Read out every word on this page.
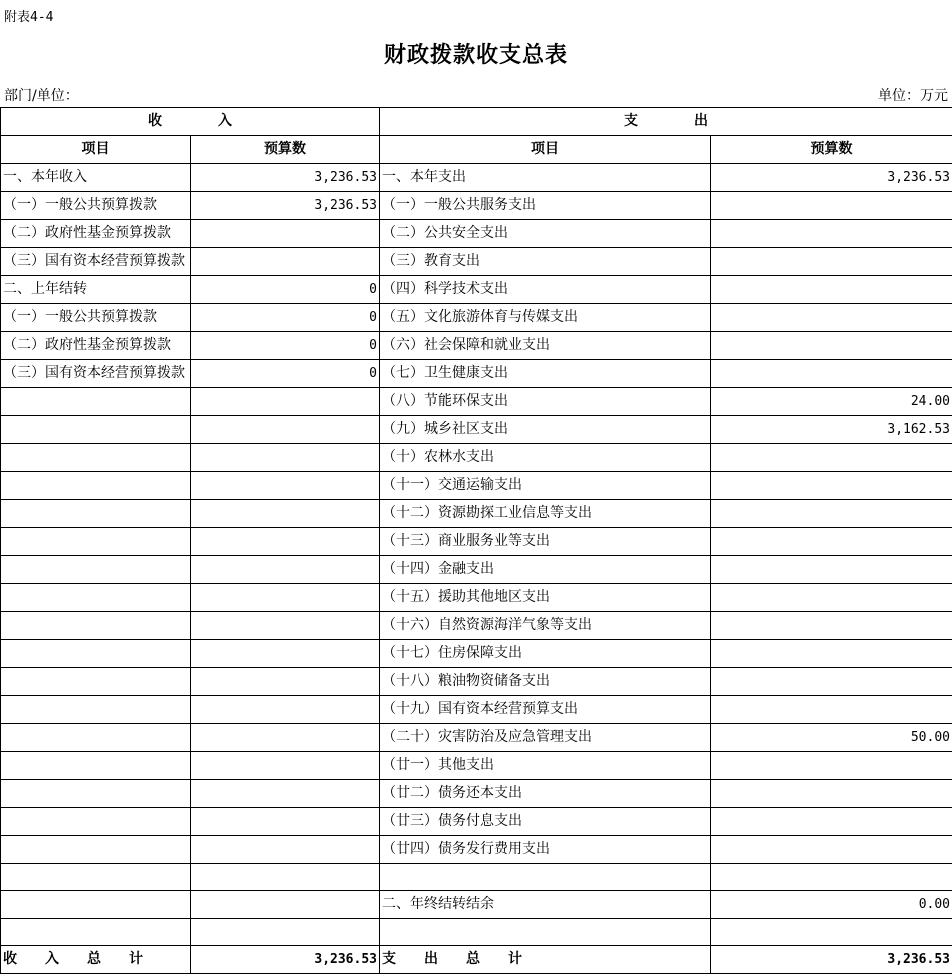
附表4-4
财政拨款收支总表
部门/单位：	单位：万元
收　　　　入		支　　　　出	
项目	预算数	项目	预算数
一、本年收入	3,236.53	一、本年支出	3,236.53
（一）一般公共预算拨款	3,236.53	（一）一般公共服务支出	
（二）政府性基金预算拨款		（二）公共安全支出	
（三）国有资本经营预算拨款		（三）教育支出	
二、上年结转	0	（四）科学技术支出	
（一）一般公共预算拨款	0	（五）文化旅游体育与传媒支出	
（二）政府性基金预算拨款	0	（六）社会保障和就业支出	
（三）国有资本经营预算拨款	0	（七）卫生健康支出	
		（八）节能环保支出	24.00
		（九）城乡社区支出	3,162.53
		（十）农林水支出	
		（十一）交通运输支出	
		（十二）资源勘探工业信息等支出	
		（十三）商业服务业等支出	
		（十四）金融支出	
		（十五）援助其他地区支出	
		（十六）自然资源海洋气象等支出	
		（十七）住房保障支出	
		（十八）粮油物资储备支出	
		（十九）国有资本经营预算支出	
		（二十）灾害防治及应急管理支出	50.00
		（廿一）其他支出	
		（廿二）债务还本支出	
		（廿三）债务付息支出	
		（廿四）债务发行费用支出	

		二、年终结转结余	0.00

收　　入　　总　　计	3,236.53	支　　出　　总　　计	3,236.53
